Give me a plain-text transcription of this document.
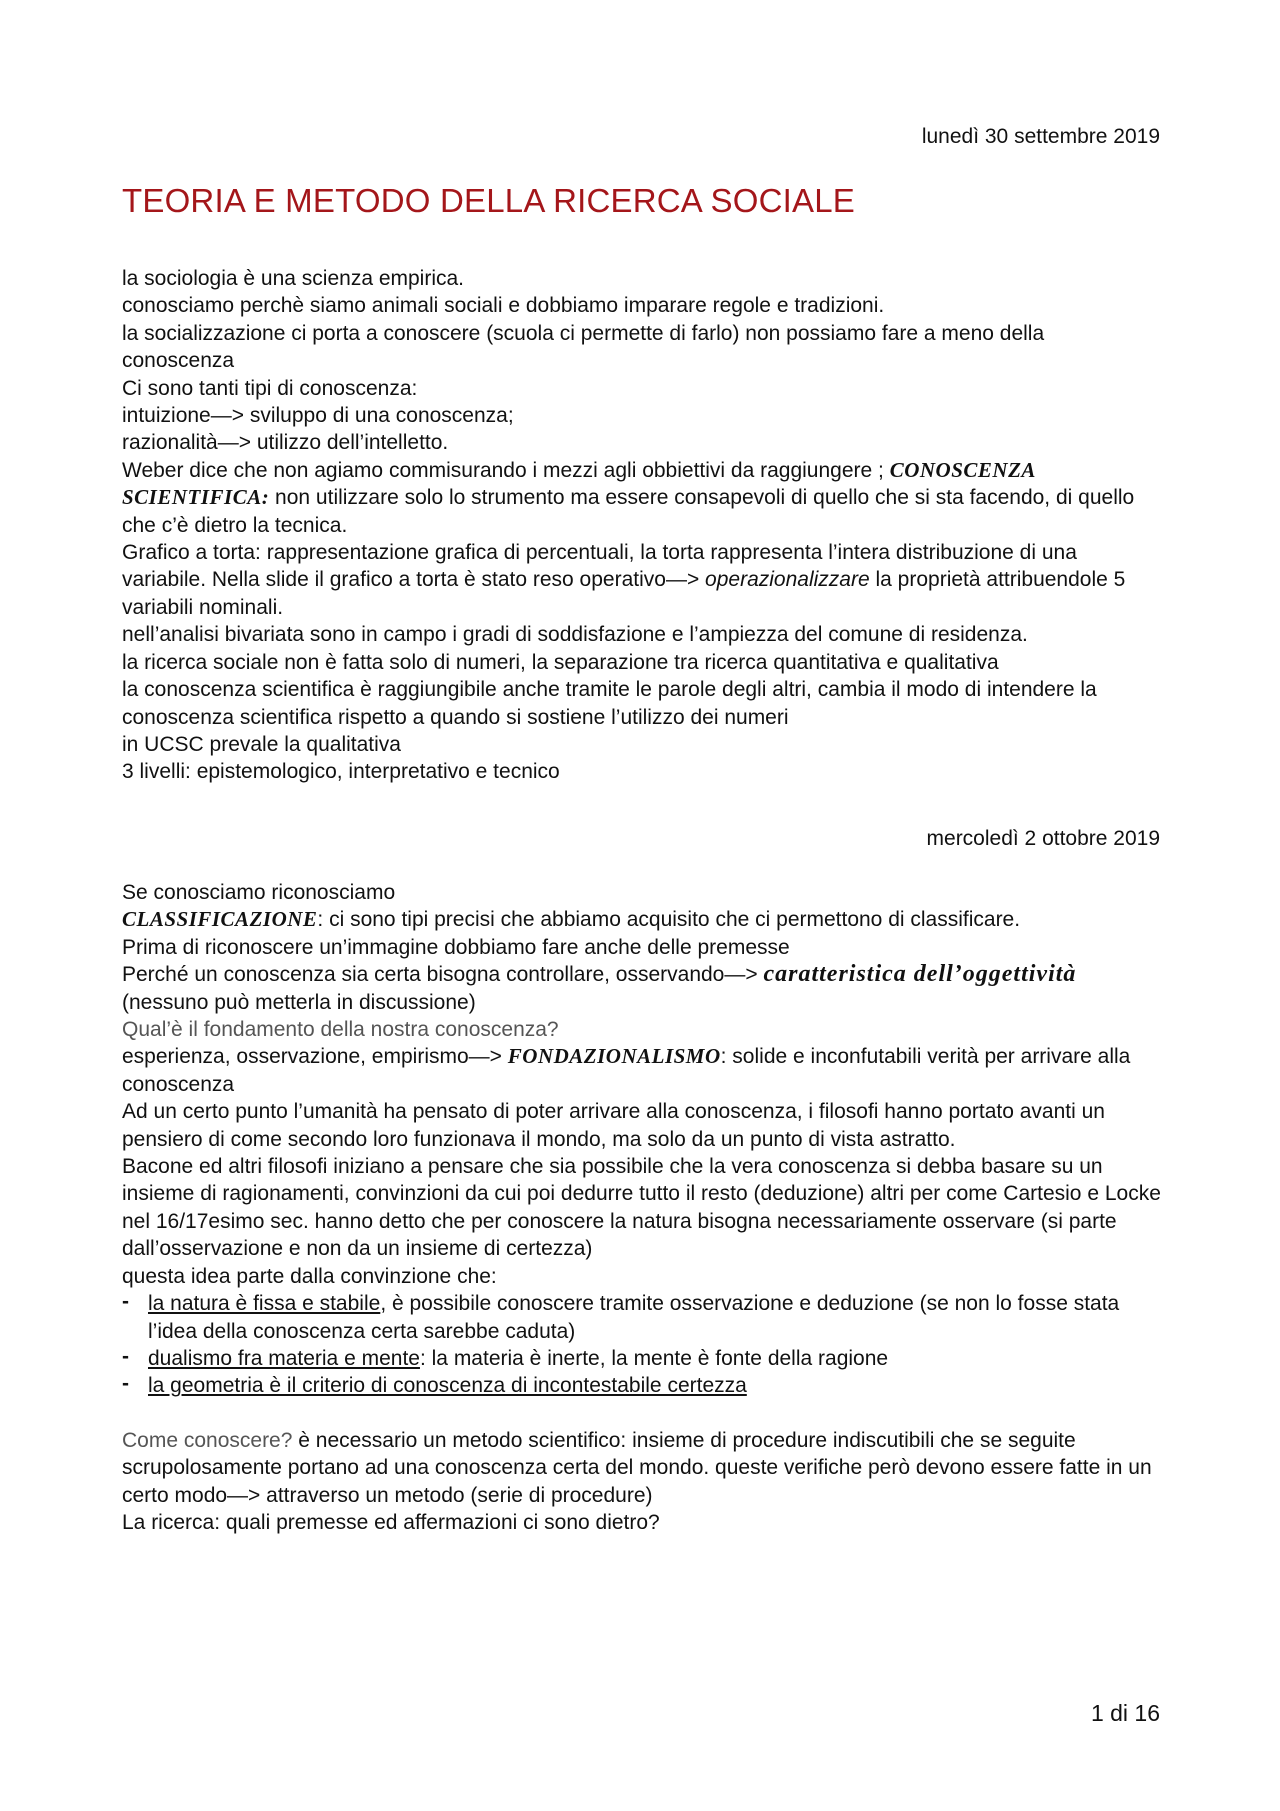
lunedì 30 settembre 2019
TEORIA E METODO DELLA RICERCA SOCIALE

la sociologia è una scienza empirica.

conosciamo perchè siamo animali sociali e dobbiamo imparare regole e tradizioni.

la socializzazione ci porta a conoscere (scuola ci permette di farlo) non possiamo fare a meno della conoscenza

Ci sono tanti tipi di conoscenza:

intuizione—> sviluppo di una conoscenza;

razionalità—> utilizzo dell’intelletto.

Weber dice che non agiamo commisurando i mezzi agli obbiettivi da raggiungere ; CONOSCENZA SCIENTIFICA: non utilizzare solo lo strumento ma essere consapevoli di quello che si sta facendo, di quello che c’è dietro la tecnica.

Grafico a torta: rappresentazione grafica di percentuali, la torta rappresenta l’intera distribuzione di una variabile. Nella slide il grafico a torta è stato reso operativo—> operazionalizzare la proprietà attribuendole 5 variabili nominali.

nell’analisi bivariata sono in campo i gradi di soddisfazione e l’ampiezza del comune di residenza.

la ricerca sociale non è fatta solo di numeri, la separazione tra ricerca quantitativa e qualitativa

la conoscenza scientifica è raggiungibile anche tramite le parole degli altri, cambia il modo di intendere la conoscenza scientifica rispetto a quando si sostiene l’utilizzo dei numeri

in UCSC prevale la qualitativa

3 livelli: epistemologico, interpretativo e tecnico

mercoledì 2 ottobre 2019

Se conosciamo riconosciamo

CLASSIFICAZIONE: ci sono tipi precisi che abbiamo acquisito che ci permettono di classificare.

Prima di riconoscere un’immagine dobbiamo fare anche delle premesse

Perché un conoscenza sia certa bisogna controllare, osservando—> caratteristica dell’oggettività (nessuno può metterla in discussione)

Qual’è il fondamento della nostra conoscenza?

esperienza, osservazione, empirismo—> FONDAZIONALISMO: solide e inconfutabili verità per arrivare alla conoscenza

Ad un certo punto l’umanità ha pensato di poter arrivare alla conoscenza, i filosofi hanno portato avanti un pensiero di come secondo loro funzionava il mondo, ma solo da un punto di vista astratto.

Bacone ed altri filosofi iniziano a pensare che sia possibile che la vera conoscenza si debba basare su un insieme di ragionamenti, convinzioni da cui poi dedurre tutto il resto (deduzione) altri per come Cartesio e Locke nel 16/17esimo sec. hanno detto che per conoscere la natura bisogna necessariamente osservare (si parte dall’osservazione e non da un insieme di certezza)

questa idea parte dalla convinzione che:

- la natura è fissa e stabile, è possibile conoscere tramite osservazione e deduzione (se non lo fosse stata l’idea della conoscenza certa sarebbe caduta)
- dualismo fra materia e mente: la materia è inerte, la mente è fonte della ragione
- la geometria è il criterio di conoscenza di incontestabile certezza

Come conoscere? è necessario un metodo scientifico: insieme di procedure indiscutibili che se seguite scrupolosamente portano ad una conoscenza certa del mondo. queste verifiche però devono essere fatte in un certo modo—> attraverso un metodo (serie di procedure)

La ricerca: quali premesse ed affermazioni ci sono dietro?

1 di 16
